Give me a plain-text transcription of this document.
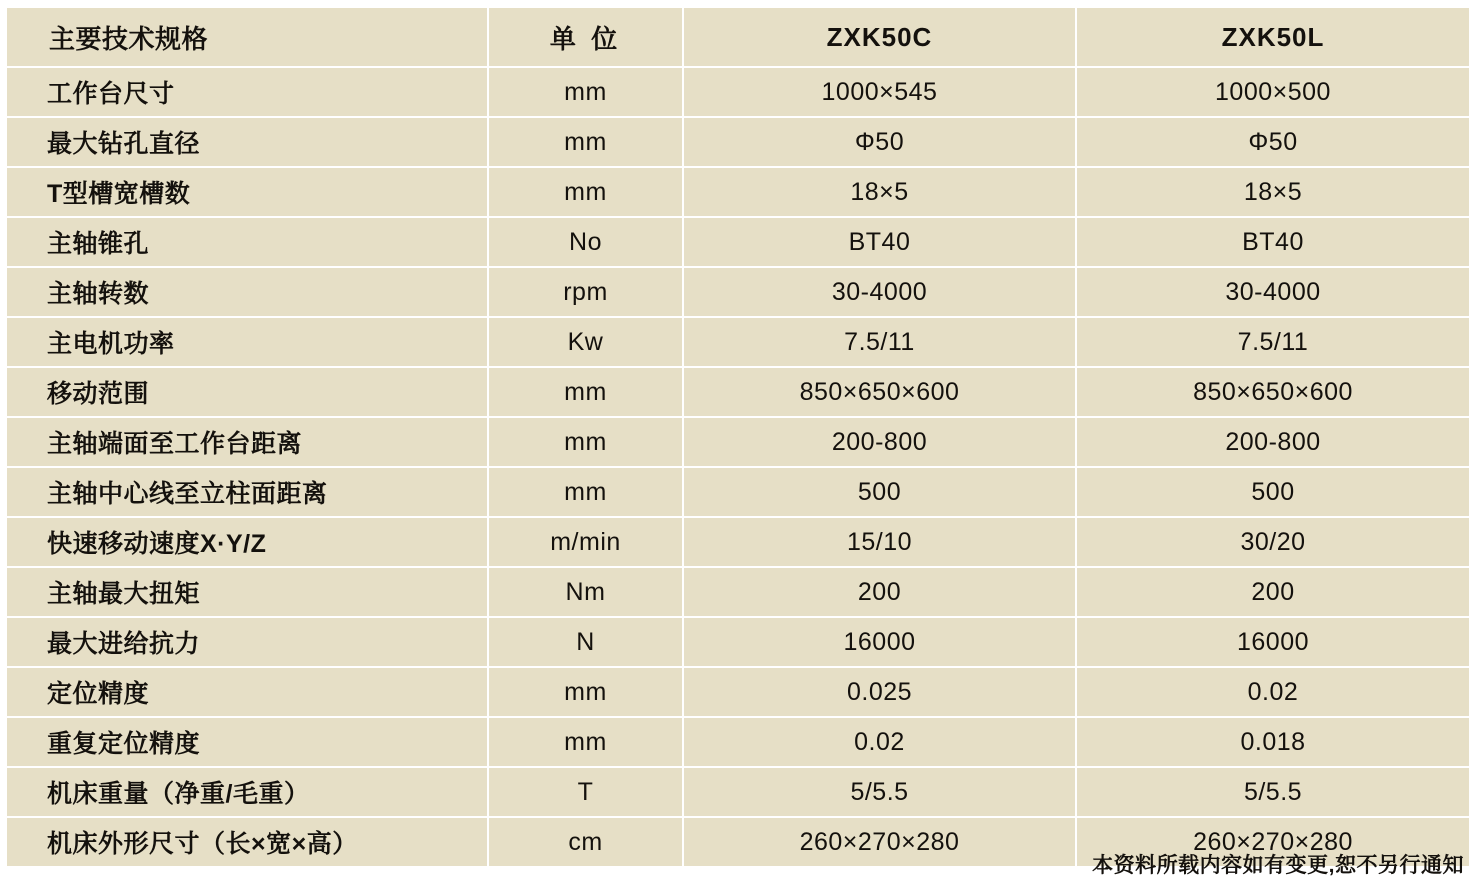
主要技术规格	单 位	ZXK50C	ZXK50L
工作台尺寸	mm	1000×545	1000×500
最大钻孔直径	mm	Φ50	Φ50
T型槽宽槽数	mm	18×5	18×5
主轴锥孔	No	BT40	BT40
主轴转数	rpm	30-4000	30-4000
主电机功率	Kw	7.5/11	7.5/11
移动范围	mm	850×650×600	850×650×600
主轴端面至工作台距离	mm	200-800	200-800
主轴中心线至立柱面距离	mm	500	500
快速移动速度X·Y/Z	m/min	15/10	30/20
主轴最大扭矩	Nm	200	200
最大进给抗力	N	16000	16000
定位精度	mm	0.025	0.02
重复定位精度	mm	0.02	0.018
机床重量（净重/毛重）	T	5/5.5	5/5.5
机床外形尺寸（长×宽×高）	cm	260×270×280	260×270×280
本资料所载内容如有变更,恕不另行通知
